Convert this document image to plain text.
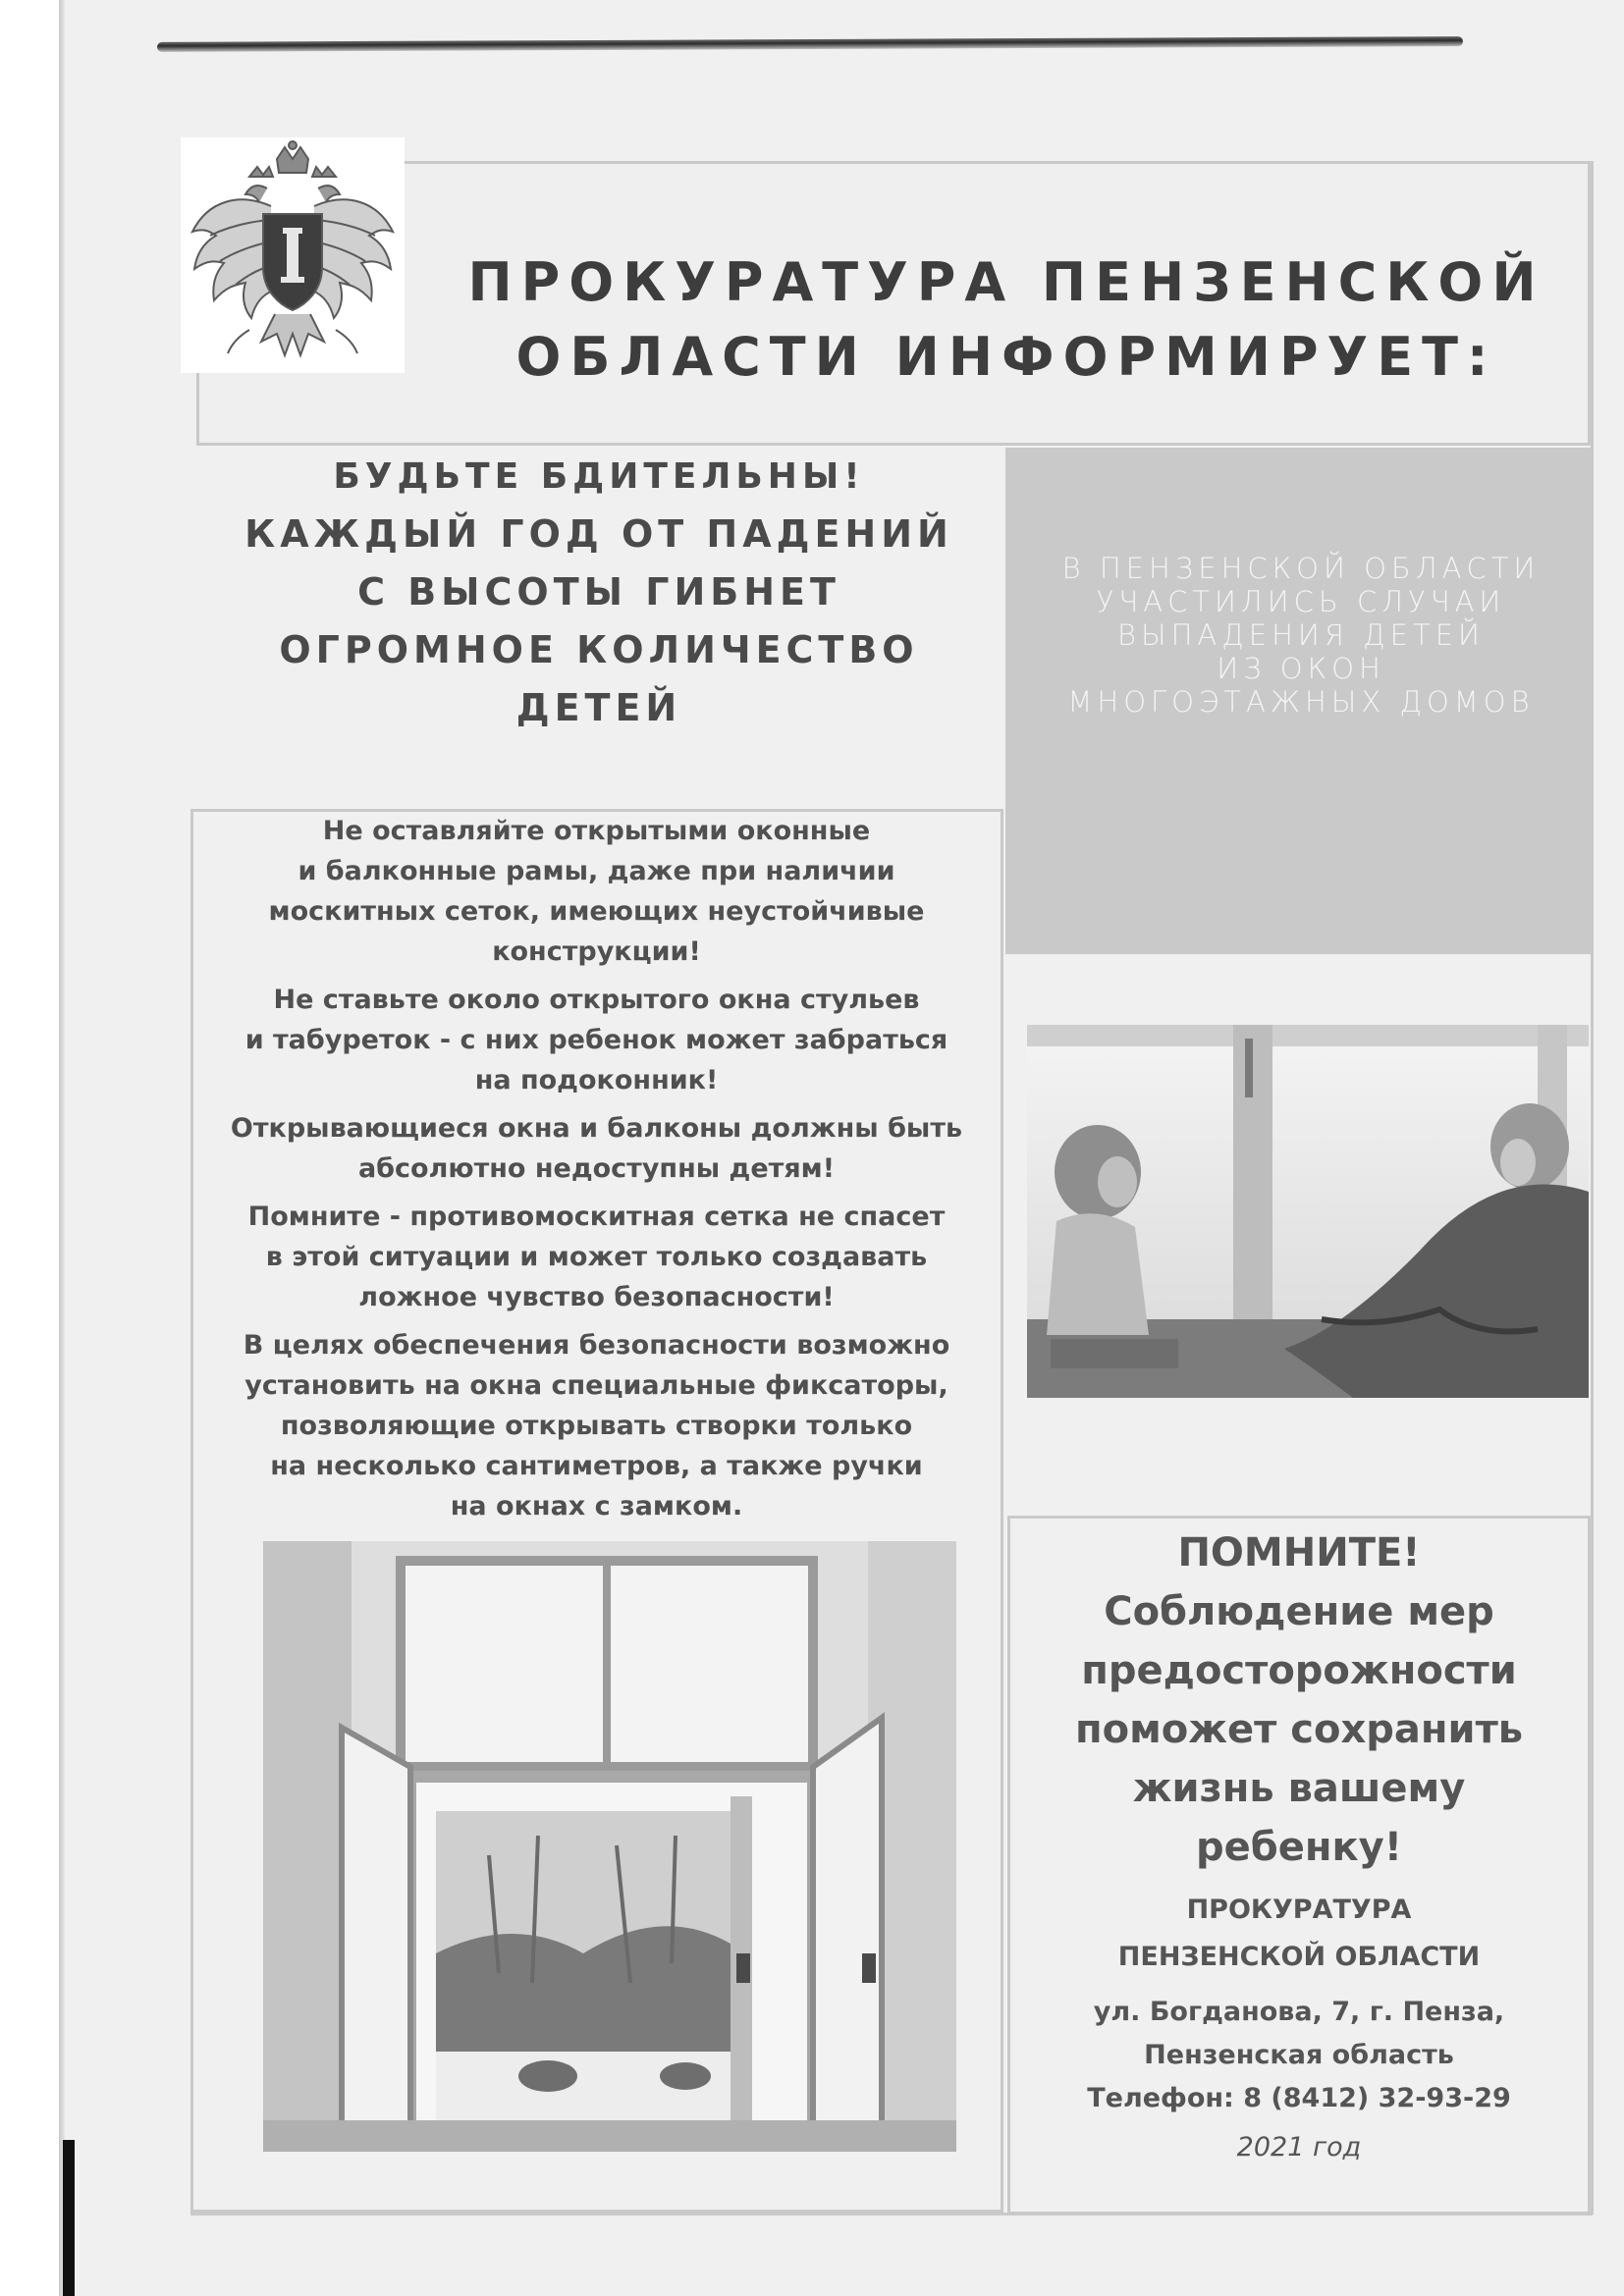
ПРОКУРАТУРА ПЕНЗЕНСКОЙ
ОБЛАСТИ ИНФОРМИРУЕТ:
БУДЬТЕ БДИТЕЛЬНЫ!
КАЖДЫЙ ГОД ОТ ПАДЕНИЙ
С ВЫСОТЫ ГИБНЕТ
ОГРОМНОЕ КОЛИЧЕСТВО
ДЕТЕЙ
В ПЕНЗЕНСКОЙ ОБЛАСТИ
УЧАСТИЛИСЬ СЛУЧАИ
ВЫПАДЕНИЯ ДЕТЕЙ
ИЗ ОКОН
МНОГОЭТАЖНЫХ ДОМОВ

Не оставляйте открытыми оконные
и балконные рамы, даже при наличии
москитных сеток, имеющих неустойчивые
конструкции!

Не ставьте около открытого окна стульев
и табуреток - с них ребенок может забраться
на подоконник!

Открывающиеся окна и балконы должны быть
абсолютно недоступны детям!

Помните - противомоскитная сетка не спасет
в этой ситуации и может только создавать
ложное чувство безопасности!

В целях обеспечения безопасности возможно
установить на окна специальные фиксаторы,
позволяющие открывать створки только
на несколько сантиметров, а также ручки
на окнах с замком.

ПОМНИТЕ!
Соблюдение мер
предосторожности
поможет сохранить
жизнь вашему
ребенку!

ПРОКУРАТУРА
ПЕНЗЕНСКОЙ ОБЛАСТИ

ул. Богданова, 7, г. Пенза,
Пензенская область
Телефон: 8 (8412) 32-93-29
2021 год
